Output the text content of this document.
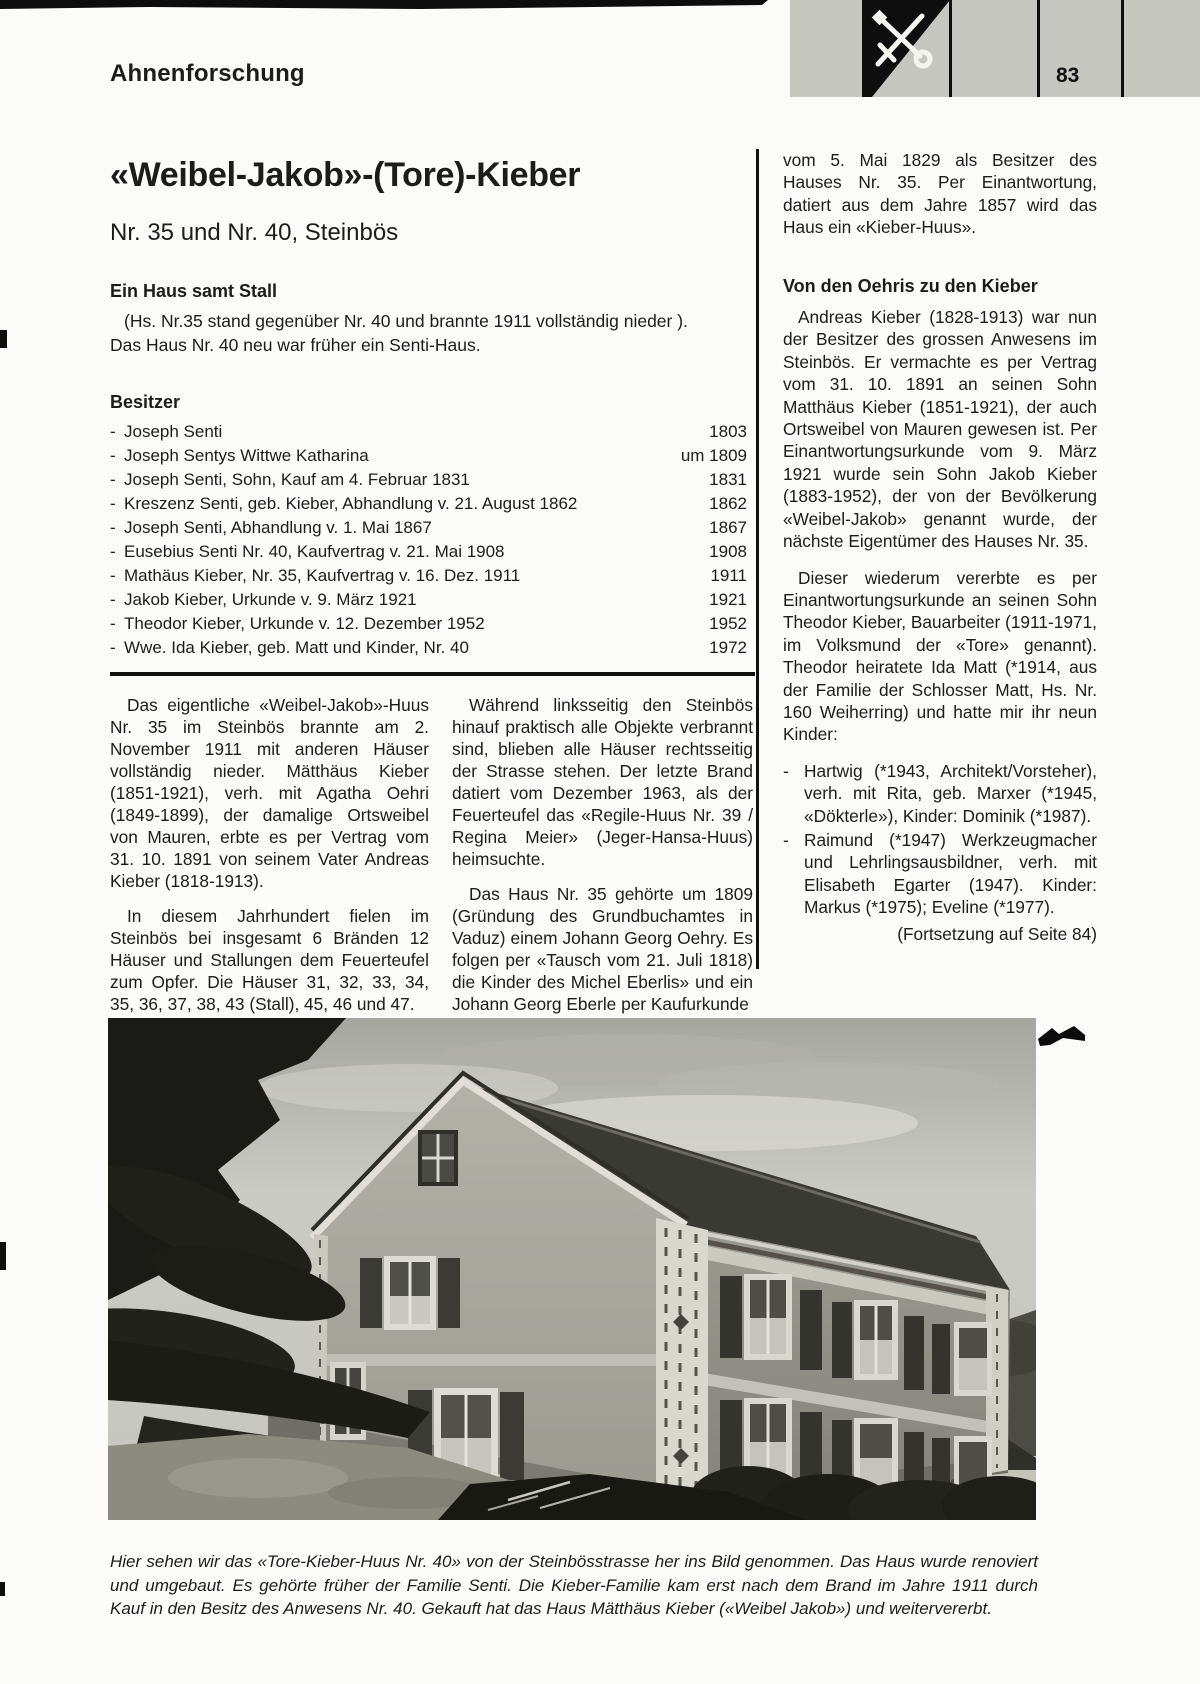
Ahnenforschung	83
«Weibel-Jakob»-(Tore)-Kieber
Nr. 35 und Nr. 40, Steinbös
Ein Haus samt Stall
(Hs. Nr.35 stand gegenüber Nr. 40 und brannte 1911 vollständig nieder ). Das Haus Nr. 40 neu war früher ein Senti-Haus.
Besitzer
- Joseph Senti	1803
- Joseph Sentys Wittwe Katharina	um 1809
- Joseph Senti, Sohn, Kauf am 4. Februar 1831	1831
- Kreszenz Senti, geb. Kieber, Abhandlung v. 21. August 1862	1862
- Joseph Senti, Abhandlung v. 1. Mai 1867	1867
- Eusebius Senti Nr. 40, Kaufvertrag v. 21. Mai 1908	1908
- Mathäus Kieber, Nr. 35, Kaufvertrag v. 16. Dez. 1911	1911
- Jakob Kieber, Urkunde v. 9. März 1921	1921
- Theodor Kieber, Urkunde v. 12. Dezember 1952	1952
- Wwe. Ida Kieber, geb. Matt und Kinder, Nr. 40	1972

Das eigentliche «Weibel-Jakob»-Huus Nr. 35 im Steinbös brannte am 2. November 1911 mit anderen Häuser vollständig nieder. Mätthäus Kieber (1851-1921), verh. mit Agatha Oehri (1849-1899), der damalige Ortsweibel von Mauren, erbte es per Vertrag vom 31. 10. 1891 von seinem Vater Andreas Kieber (1818-1913).

In diesem Jahrhundert fielen im Steinbös bei insgesamt 6 Bränden 12 Häuser und Stallungen dem Feuerteufel zum Opfer. Die Häuser 31, 32, 33, 34, 35, 36, 37, 38, 43 (Stall), 45, 46 und 47.

Während linksseitig den Steinbös hinauf praktisch alle Objekte verbrannt sind, blieben alle Häuser rechtsseitig der Strasse stehen. Der letzte Brand datiert vom Dezember 1963, als der Feuerteufel das «Regile-Huus Nr. 39 / Regina Meier» (Jeger-Hansa-Huus) heimsuchte.

Das Haus Nr. 35 gehörte um 1809 (Gründung des Grundbuchamtes in Vaduz) einem Johann Georg Oehry. Es folgen per «Tausch vom 21. Juli 1818) die Kinder des Michel Eberlis» und ein Johann Georg Eberle per Kaufurkunde

vom 5. Mai 1829 als Besitzer des Hauses Nr. 35. Per Einantwortung, datiert aus dem Jahre 1857 wird das Haus ein «Kieber-Huus».

Von den Oehris zu den Kieber

Andreas Kieber (1828-1913) war nun der Besitzer des grossen Anwesens im Steinbös. Er vermachte es per Vertrag vom 31. 10. 1891 an seinen Sohn Matthäus Kieber (1851-1921), der auch Ortsweibel von Mauren gewesen ist. Per Einantwortungsurkunde vom 9. März 1921 wurde sein Sohn Jakob Kieber (1883-1952), der von der Bevölkerung «Weibel-Jakob» genannt wurde, der nächste Eigentümer des Hauses Nr. 35.

Dieser wiederum vererbte es per Einantwortungsurkunde an seinen Sohn Theodor Kieber, Bauarbeiter (1911-1971, im Volksmund der «Tore» genannt). Theodor heiratete Ida Matt (*1914, aus der Familie der Schlosser Matt, Hs. Nr. 160 Weiherring) und hatte mir ihr neun Kinder:

- Hartwig (*1943, Architekt/Vorsteher), verh. mit Rita, geb. Marxer (*1945, «Dökterle»), Kinder: Dominik (*1987).
- Raimund (*1947) Werkzeugmacher und Lehrlingsausbildner, verh. mit Elisabeth Egarter (1947). Kinder: Markus (*1975); Eveline (*1977).
(Fortsetzung auf Seite 84)
Hier sehen wir das «Tore-Kieber-Huus Nr. 40» von der Steinbösstrasse her ins Bild genommen. Das Haus wurde renoviert und umgebaut. Es gehörte früher der Familie Senti. Die Kieber-Familie kam erst nach dem Brand im Jahre 1911 durch Kauf in den Besitz des Anwesens Nr. 40. Gekauft hat das Haus Mätthäus Kieber («Weibel Jakob») und weitervererbt.
